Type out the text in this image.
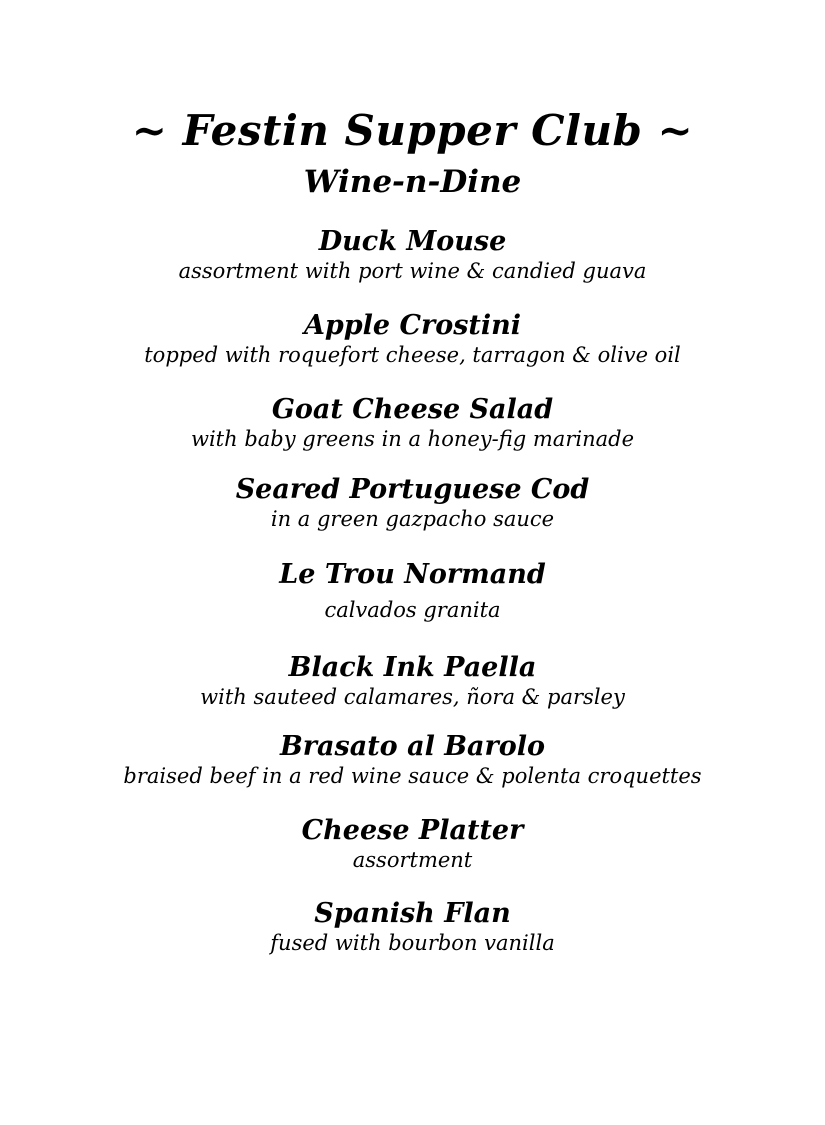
~ Festin Supper Club ~
Wine-n-Dine
Duck Mouse
assortment with port wine & candied guava
Apple Crostini
topped with roquefort cheese, tarragon & olive oil
Goat Cheese Salad
with baby greens in a honey-fig marinade
Seared Portuguese Cod
in a green gazpacho sauce
Le Trou Normand
calvados granita
Black Ink Paella
with sauteed calamares, ñora & parsley
Brasato al Barolo
braised beef in a red wine sauce & polenta croquettes
Cheese Platter
assortment
Spanish Flan
fused with bourbon vanilla
